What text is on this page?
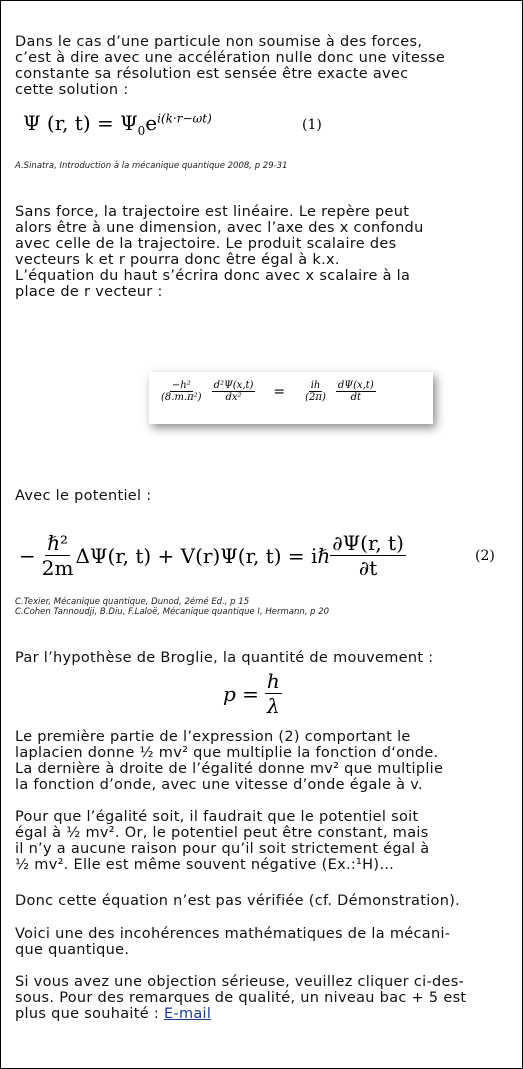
Dans le cas d’une particule non soumise à des forces,
c’est à dire avec une accélération nulle donc une vitesse
constante sa résolution est sensée être exacte avec
cette solution :

Ψ (r, $t) = \Psi_0e^{i(k\cdot r-\omega t)}$	(1)

A.Sinatra, Introduction à la mécanique quantique 2008, p 29-31

Sans force, la trajectoire est linéaire. Le repère peut
alors être à une dimension, avec l’axe des x confondu
avec celle de la trajectoire. Le produit scalaire des
vecteurs k et r pourra donc être égal à k.x.
L’équation du haut s’écrira donc avec x scalaire à la
place de r vecteur :

$\frac{\text{−h²}}{\text{(8.m.π²)}} \frac{\text{d²Ψ(x,t)}}{\text{dx²}} = \frac{ih}{(2\pi)} \frac{d\Psi(x,t)}{dt}$

Avec le potentiel :

− $\frac{\text{ℏ²}}{2m} \Delta\Psi(r$, t) + V(r)Ψ(r, t) = iℏ $\frac{\partial\Psi(r, t)}{\partial t}$	(2)

C.Texier, Mécanique quantique, Dunod, 2émé Ed., p 15
C.Cohen Tannoudji, B.Diu, F.Laloë, Mécanique quantique I, Hermann, p 20

Par l’hypothèse de Broglie, la quantité de mouvement :

$p = \frac{h}{\lambda}$

Le première partie de l’expression (2) comportant le
laplacien donne ½ mv² que multiplie la fonction d‘onde.
La dernière à droite de l’égalité donne mv² que multiplie
la fonction d’onde, avec une vitesse d’onde égale à v.

Pour que l’égalité soit, il faudrait que le potentiel soit
égal à ½ mv². Or, le potentiel peut être constant, mais
il n’y a aucune raison pour qu’il soit strictement égal à
½ mv². Elle est même souvent négative (Ex.:¹H)…

Donc cette équation n’est pas vérifiée (cf. Démonstration).

Voici une des incohérences mathématiques de la mécani-
que quantique.

Si vous avez une objection sérieuse, veuillez cliquer ci-des-
sous. Pour des remarques de qualité, un niveau bac + 5 est
plus que souhaité : E-mail
